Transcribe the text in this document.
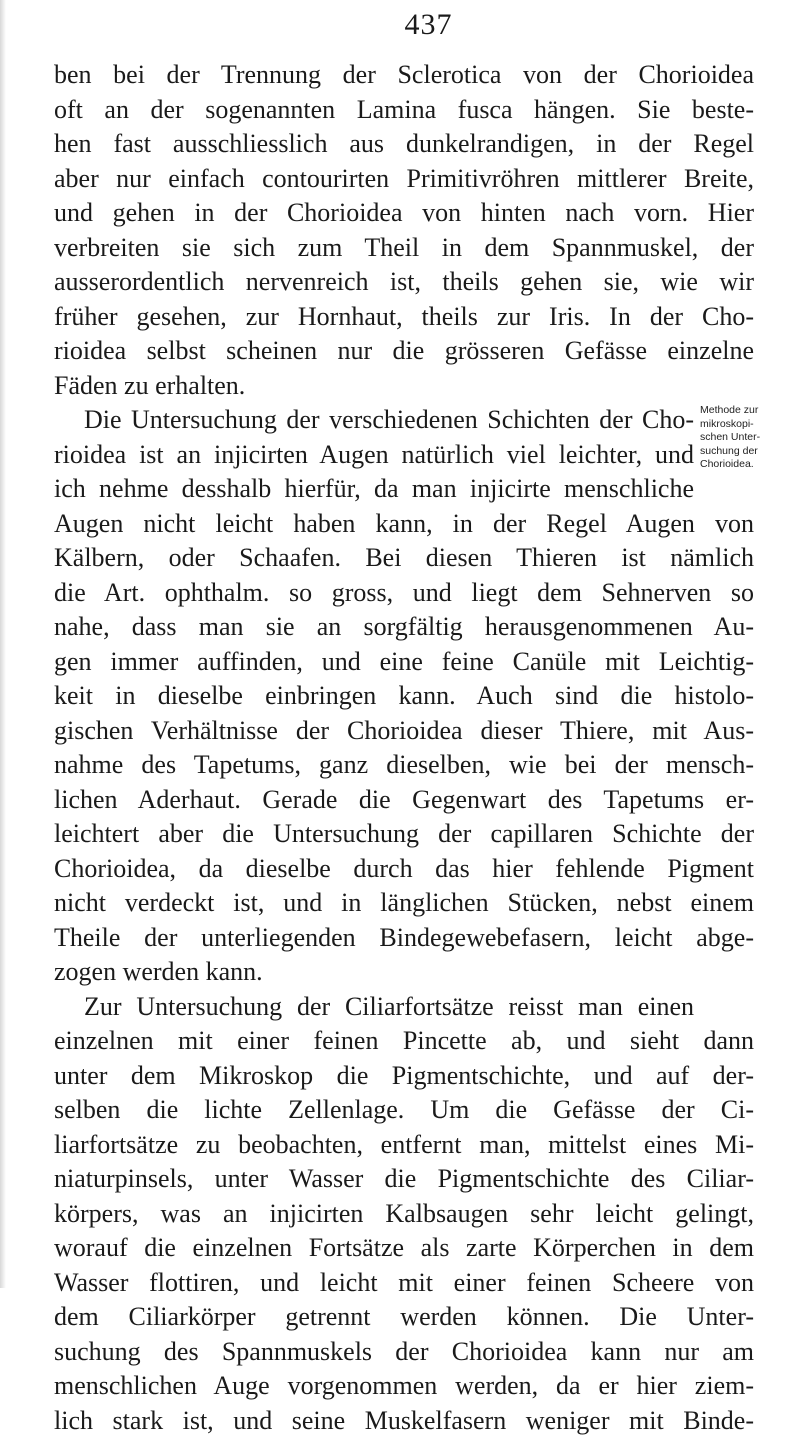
437
ben bei der Trennung der Sclerotica von der Chorioidea
oft an der sogenannten Lamina fusca hängen. Sie beste-
hen fast ausschliesslich aus dunkelrandigen, in der Regel
aber nur einfach contourirten Primitivröhren mittlerer Breite,
und gehen in der Chorioidea von hinten nach vorn. Hier
verbreiten sie sich zum Theil in dem Spannmuskel, der
ausserordentlich nervenreich ist, theils gehen sie, wie wir
früher gesehen, zur Hornhaut, theils zur Iris. In der Cho-
rioidea selbst scheinen nur die grösseren Gefässe einzelne
Fäden zu erhalten.
Die Untersuchung der verschiedenen Schichten der Cho-
rioidea ist an injicirten Augen natürlich viel leichter, und
ich nehme desshalb hierfür, da man injicirte menschliche
Augen nicht leicht haben kann, in der Regel Augen von
Kälbern, oder Schaafen. Bei diesen Thieren ist nämlich
die Art. ophthalm. so gross, und liegt dem Sehnerven so
nahe, dass man sie an sorgfältig herausgenommenen Au-
gen immer auffinden, und eine feine Canüle mit Leichtig-
keit in dieselbe einbringen kann. Auch sind die histolo-
gischen Verhältnisse der Chorioidea dieser Thiere, mit Aus-
nahme des Tapetums, ganz dieselben, wie bei der mensch-
lichen Aderhaut. Gerade die Gegenwart des Tapetums er-
leichtert aber die Untersuchung der capillaren Schichte der
Chorioidea, da dieselbe durch das hier fehlende Pigment
nicht verdeckt ist, und in länglichen Stücken, nebst einem
Theile der unterliegenden Bindegewebefasern, leicht abge-
zogen werden kann.
Zur Untersuchung der Ciliarfortsätze reisst man einen
einzelnen mit einer feinen Pincette ab, und sieht dann
unter dem Mikroskop die Pigmentschichte, und auf der-
selben die lichte Zellenlage. Um die Gefässe der Ci-
liarfortsätze zu beobachten, entfernt man, mittelst eines Mi-
niaturpinsels, unter Wasser die Pigmentschichte des Ciliar-
körpers, was an injicirten Kalbsaugen sehr leicht gelingt,
worauf die einzelnen Fortsätze als zarte Körperchen in dem
Wasser flottiren, und leicht mit einer feinen Scheere von
dem Ciliarkörper getrennt werden können. Die Unter-
suchung des Spannmuskels der Chorioidea kann nur am
menschlichen Auge vorgenommen werden, da er hier ziem-
lich stark ist, und seine Muskelfasern weniger mit Binde-
Methode zur
mikroskopi-
schen Unter-
suchung der
Chorioidea.
